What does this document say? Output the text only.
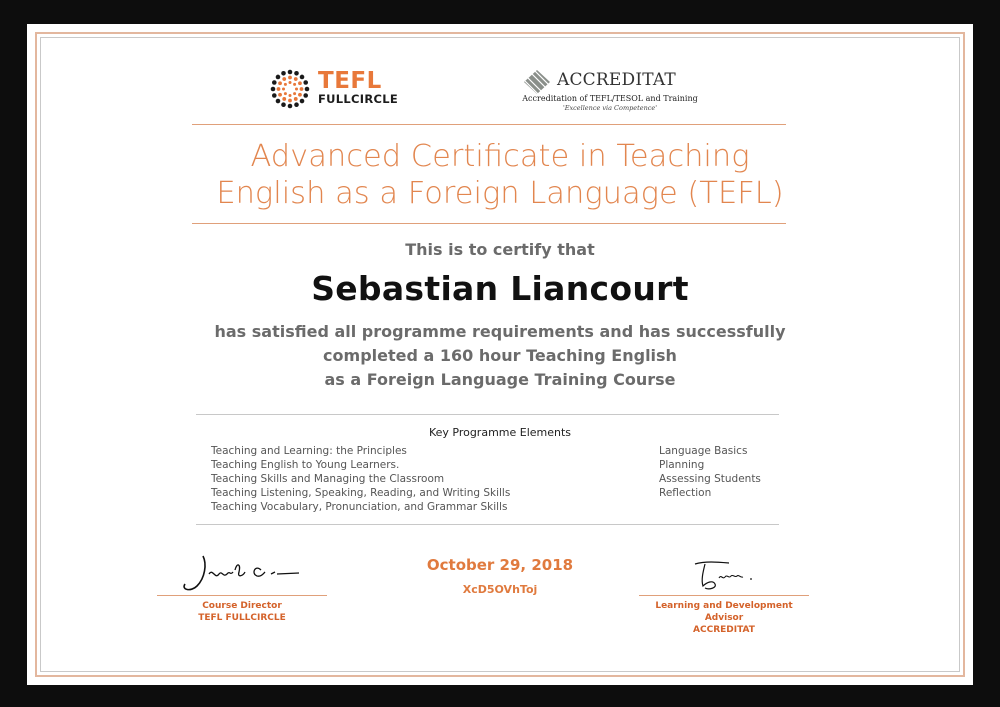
TEFL
FULLCIRCLE
ACCREDITAT
Accreditation of TEFL/TESOL and Training
'Excellence via Competence'
Advanced Certificate in Teaching
English as a Foreign Language (TEFL)
This is to certify that
Sebastian Liancourt
has satisfied all programme requirements and has successfully
completed a 160 hour Teaching English
as a Foreign Language Training Course
Key Programme Elements
Teaching and Learning: the Principles
Teaching English to Young Learners.
Teaching Skills and Managing the Classroom
Teaching Listening, Speaking, Reading, and Writing Skills
Teaching Vocabulary, Pronunciation, and Grammar Skills
Language Basics
Planning
Assessing Students
Reflection
Course Director
TEFL FULLCIRCLE
October 29, 2018
XcD5OVhToj
Learning and Development Advisor
ACCREDITAT
